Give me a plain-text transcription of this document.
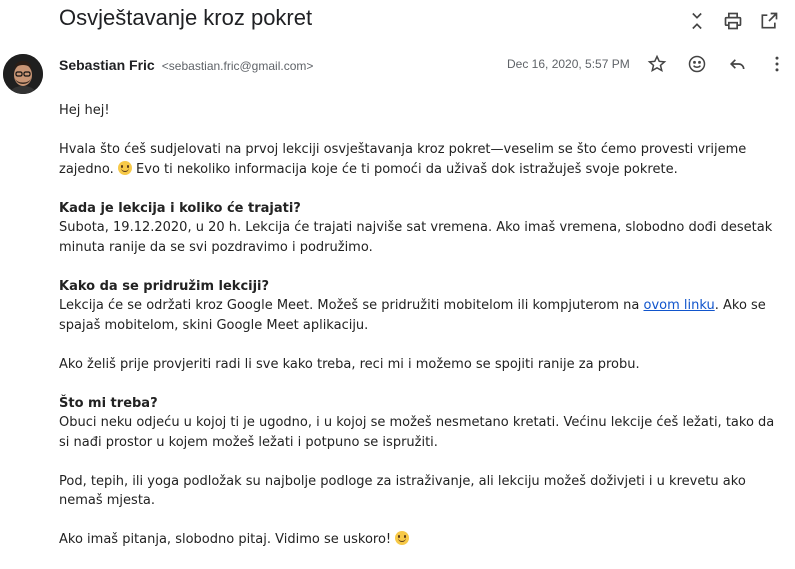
Osvještavanje kroz pokret
Sebastian Fric <sebastian.fric@gmail.com>	Dec 16, 2020, 5:57 PM

Hej hej!

Hvala što ćeš sudjelovati na prvoj lekciji osvještavanja kroz pokret—veselim se što ćemo provesti vrijeme zajedno. Evo ti nekoliko informacija koje će ti pomoći da uživaš dok istražuješ svoje pokrete.

Kada je lekcija i koliko će trajati?
Subota, 19.12.2020, u 20 h. Lekcija će trajati najviše sat vremena. Ako imaš vremena, slobodno dođi desetak minuta ranije da se svi pozdravimo i podružimo.

Kako da se pridružim lekciji?
Lekcija će se održati kroz Google Meet. Možeš se pridružiti mobitelom ili kompjuterom na ovom linku. Ako se spajaš mobitelom, skini Google Meet aplikaciju.

Ako želiš prije provjeriti radi li sve kako treba, reci mi i možemo se spojiti ranije za probu.

Što mi treba?
Obuci neku odjeću u kojoj ti je ugodno, i u kojoj se možeš nesmetano kretati. Većinu lekcije ćeš ležati, tako da si nađi prostor u kojem možeš ležati i potpuno se ispružiti.

Pod, tepih, ili yoga podložak su najbolje podloge za istraživanje, ali lekciju možeš doživjeti i u krevetu ako nemaš mjesta.

Ako imaš pitanja, slobodno pitaj. Vidimo se uskoro!
